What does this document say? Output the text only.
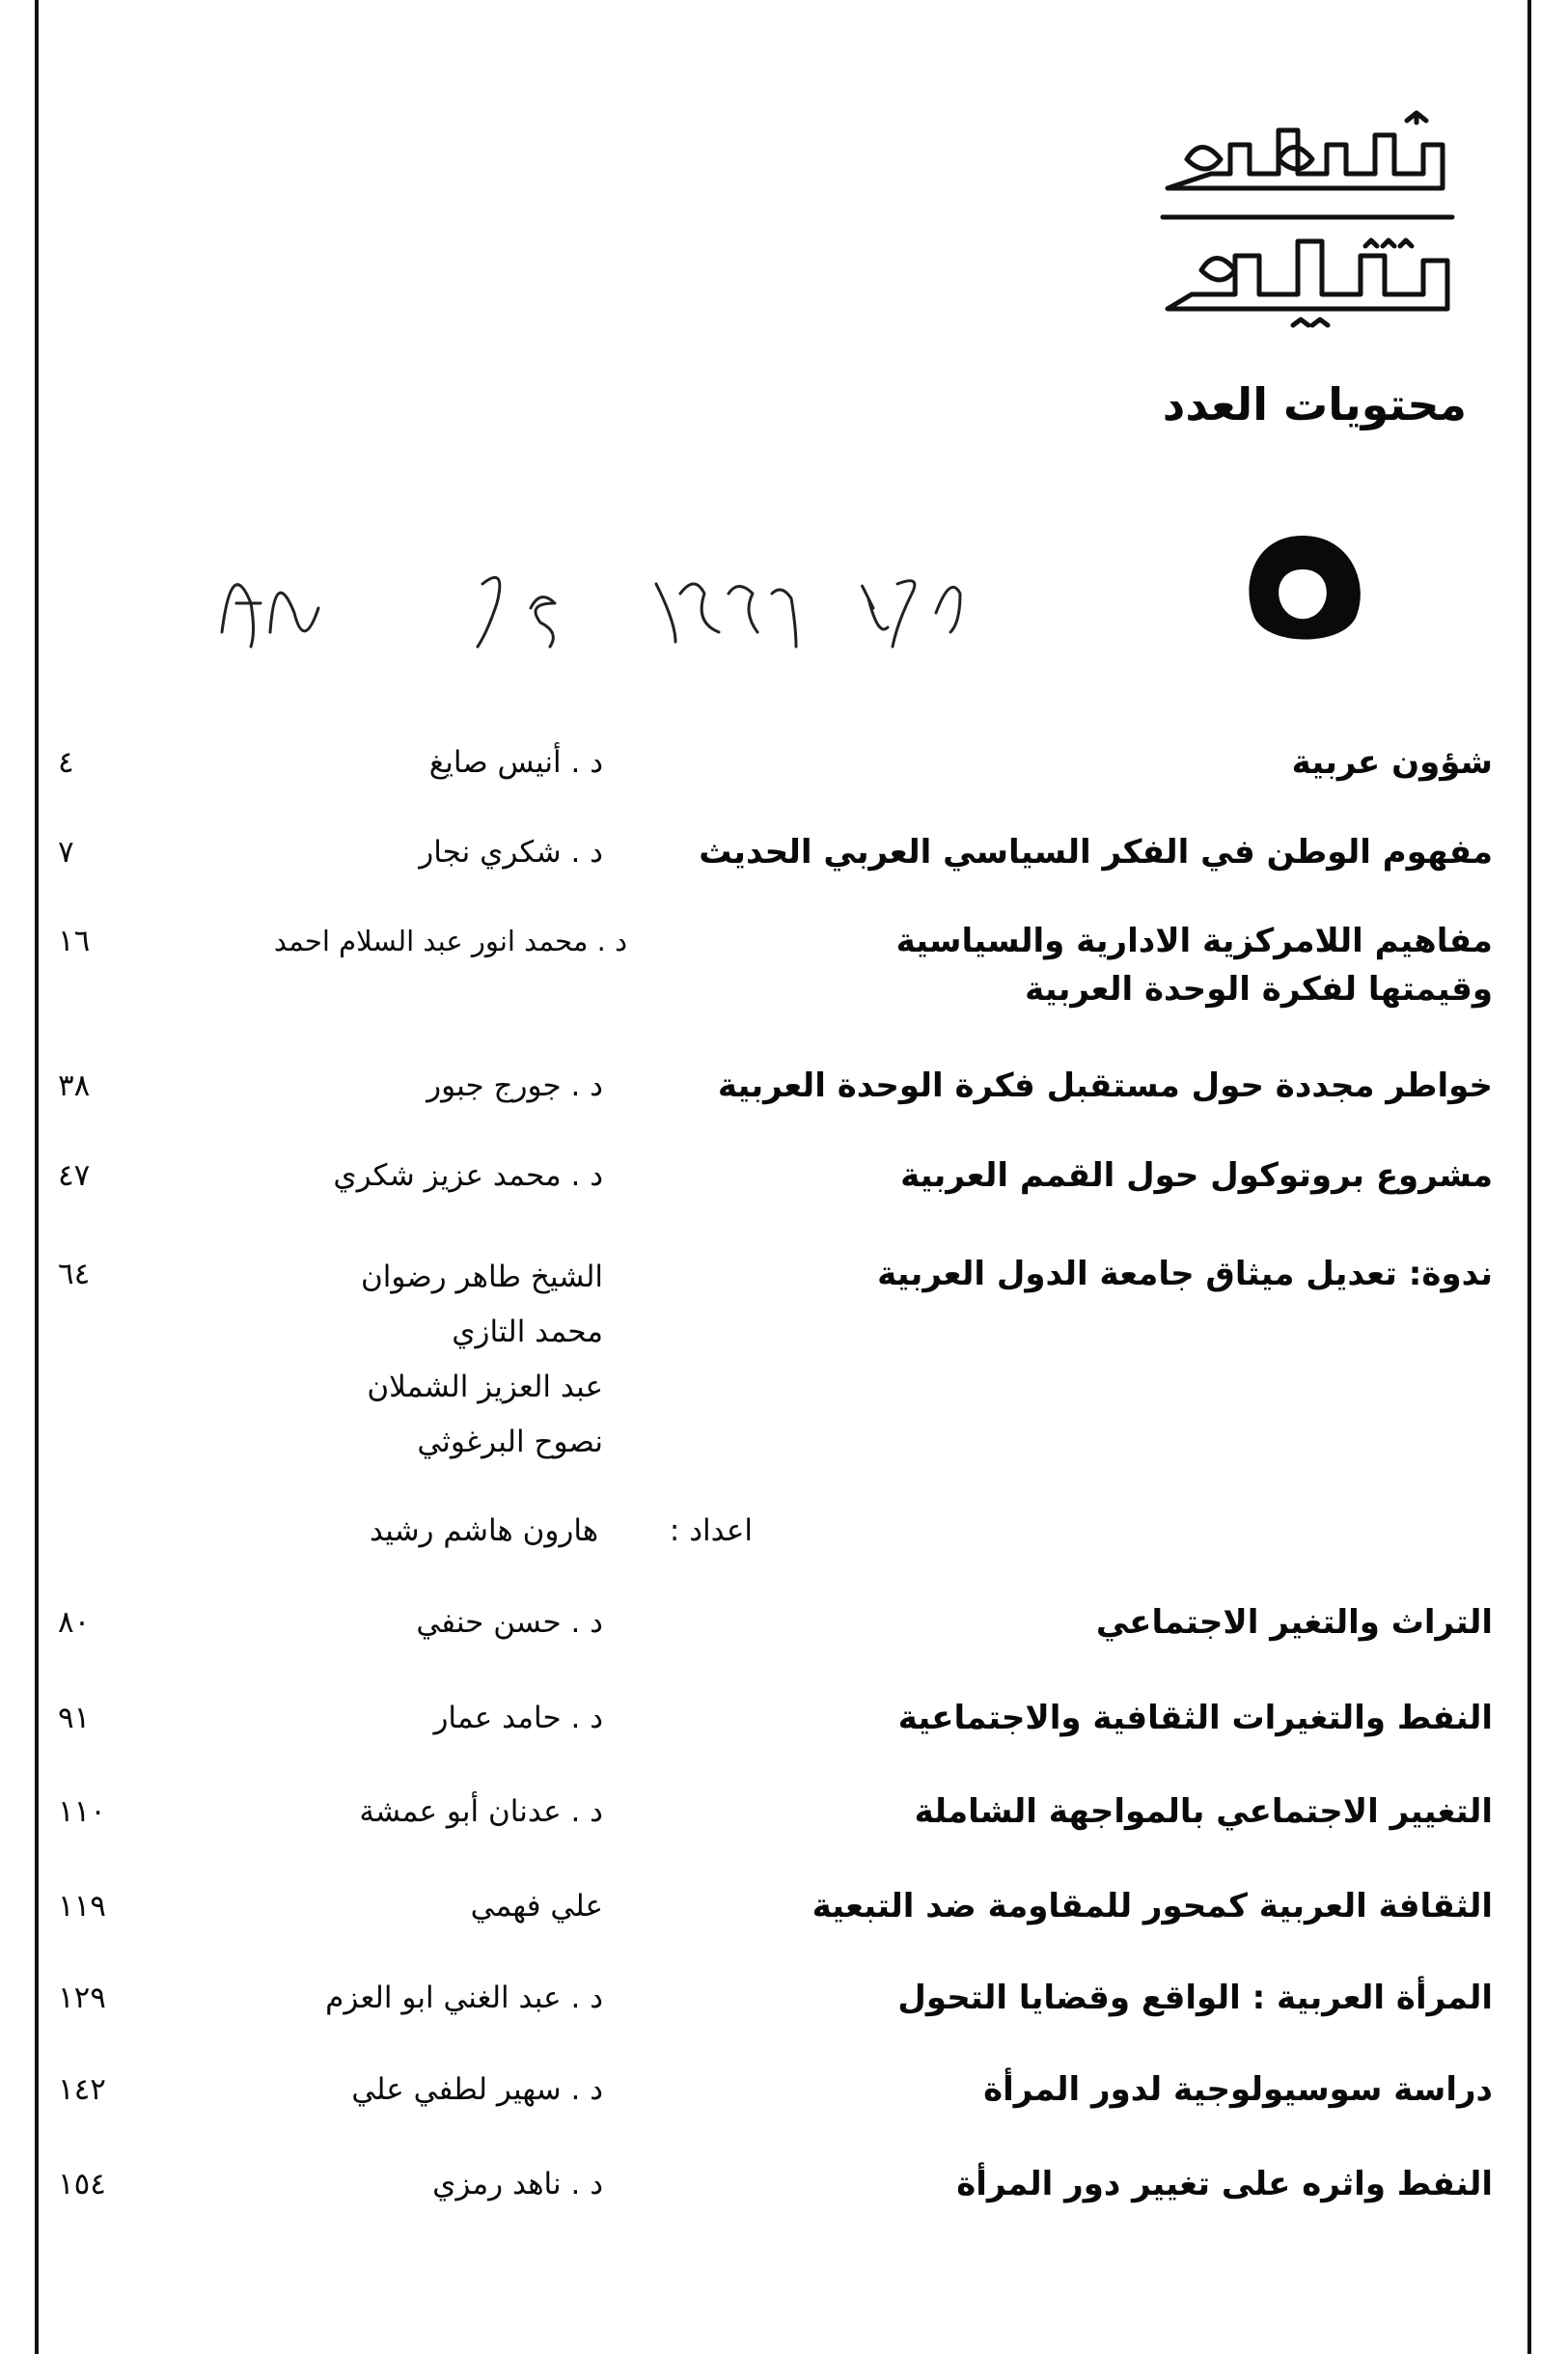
محتويات العدد
شؤون عربية
د . أنيس صايغ
٤
مفهوم الوطن في الفكر السياسي العربي الحديث
د . شكري نجار
٧
مفاهيم اللامركزية الادارية والسياسية
وقيمتها لفكرة الوحدة العربية
د . محمد انور عبد السلام احمد
١٦
خواطر مجددة حول مستقبل فكرة الوحدة العربية
د . جورج جبور
٣٨
مشروع بروتوكول حول القمم العربية
د . محمد عزيز شكري
٤٧
ندوة: تعديل ميثاق جامعة الدول العربية
الشيخ طاهر رضوان
محمد التازي
عبد العزيز الشملان
نصوح البرغوثي
٦٤
اعداد : هارون هاشم رشيد
التراث والتغير الاجتماعي
د . حسن حنفي
٨٠
النفط والتغيرات الثقافية والاجتماعية
د . حامد عمار
٩١
التغيير الاجتماعي بالمواجهة الشاملة
د . عدنان أبو عمشة
١١٠
الثقافة العربية كمحور للمقاومة ضد التبعية
علي فهمي
١١٩
المرأة العربية : الواقع وقضايا التحول
د . عبد الغني ابو العزم
١٢٩
دراسة سوسيولوجية لدور المرأة
د . سهير لطفي علي
١٤٢
النفط واثره على تغيير دور المرأة
د . ناهد رمزي
١٥٤
